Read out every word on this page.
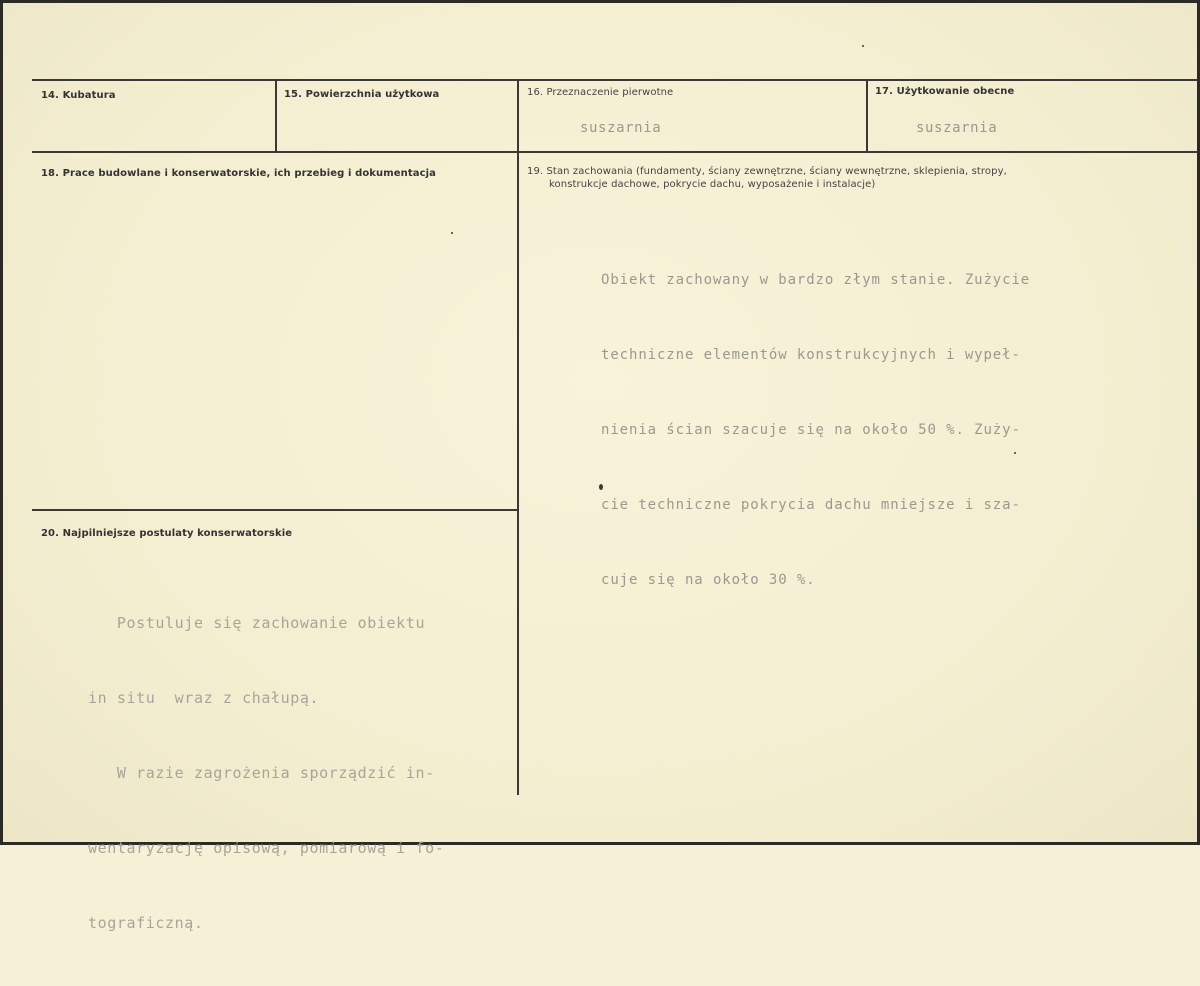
14. Kubatura	15. Powierzchnia użytkowa	16. Przeznaczenie pierwotne
suszarnia
17. Użytkowanie obecne
suszarnia
18. Prace budowlane i konserwatorskie, ich przebieg i dokumentacja	19. Stan zachowania (fundamenty, ściany zewnętrzne, ściany wewnętrzne, sklepienia, stropy,
konstrukcje dachowe, pokrycie dachu, wyposażenie i instalacje)

Obiekt zachowany w bardzo złym stanie. Zużycie

techniczne elementów konstrukcyjnych i wypeł-

nienia ścian szacuje się na około 50 %. Zuży-

cie techniczne pokrycia dachu mniejsze i sza-

cuje się na około 30 %.

20. Najpilniejsze postulaty konserwatorskie

Postuluje się zachowanie obiektu

in situ  wraz z chałupą.

W razie zagrożenia sporządzić in-

wentaryzację opisową, pomiarową i fo-

tograficzną.
